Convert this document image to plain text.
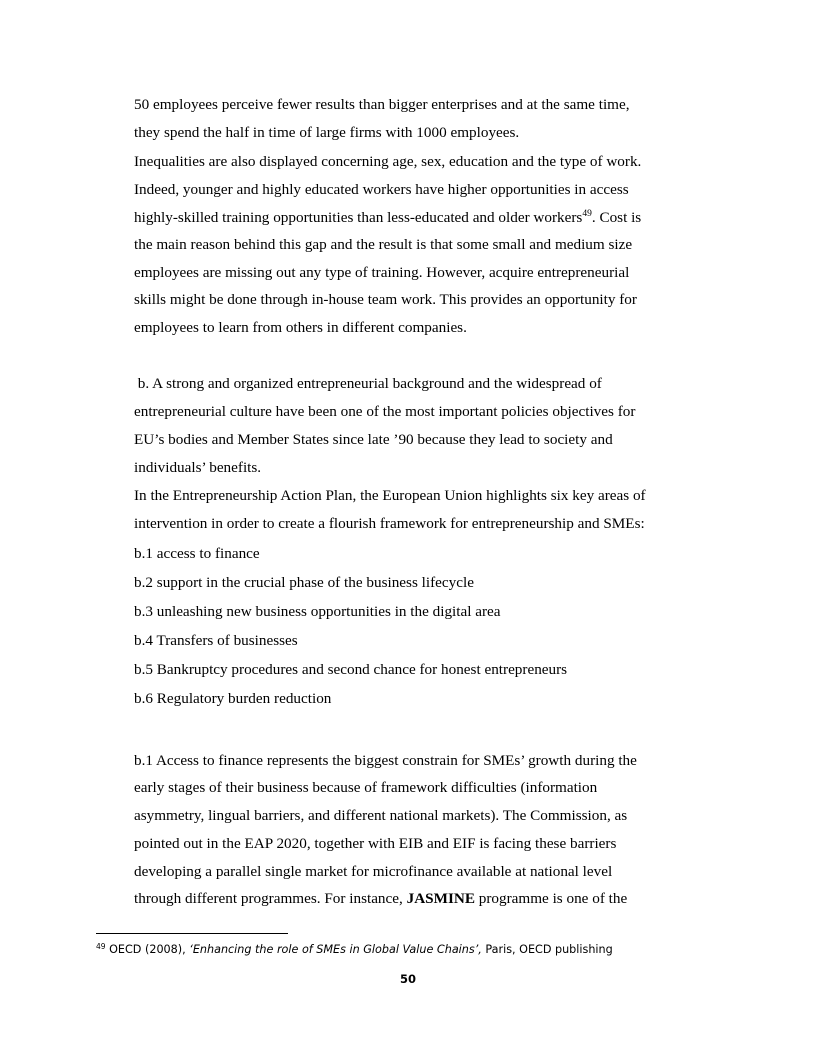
50 employees perceive fewer results than bigger enterprises and at the same time,

they spend the half in time of large firms with 1000 employees.

Inequalities are also displayed concerning age, sex, education and the type of work.

Indeed, younger and highly educated workers have higher opportunities in access

highly-skilled training opportunities than less-educated and older workers$^{49}$. Cost is

the main reason behind this gap and the result is that some small and medium size

employees are missing out any type of training. However, acquire entrepreneurial

skills might be done through in-house team work. This provides an opportunity for

employees to learn from others in different companies.

b. A strong and organized entrepreneurial background and the widespread of

entrepreneurial culture have been one of the most important policies objectives for

EU’s bodies and Member States since late ’90 because they lead to society and

individuals’ benefits.

In the Entrepreneurship Action Plan, the European Union highlights six key areas of

intervention in order to create a flourish framework for entrepreneurship and SMEs:

b.1 access to finance

b.2 support in the crucial phase of the business lifecycle

b.3 unleashing new business opportunities in the digital area

b.4 Transfers of businesses

b.5 Bankruptcy procedures and second chance for honest entrepreneurs

b.6 Regulatory burden reduction

b.1 Access to finance represents the biggest constrain for SMEs’ growth during the

early stages of their business because of framework difficulties (information

asymmetry, lingual barriers, and different national markets). The Commission, as

pointed out in the EAP 2020, together with EIB and EIF is facing these barriers

developing a parallel single market for microfinance available at national level

through different programmes. For instance, JASMINE programme is one of the

$^{49}$ OECD (2008), ‘Enhancing the role of SMEs in Global Value Chains’, Paris, OECD publishing
50
